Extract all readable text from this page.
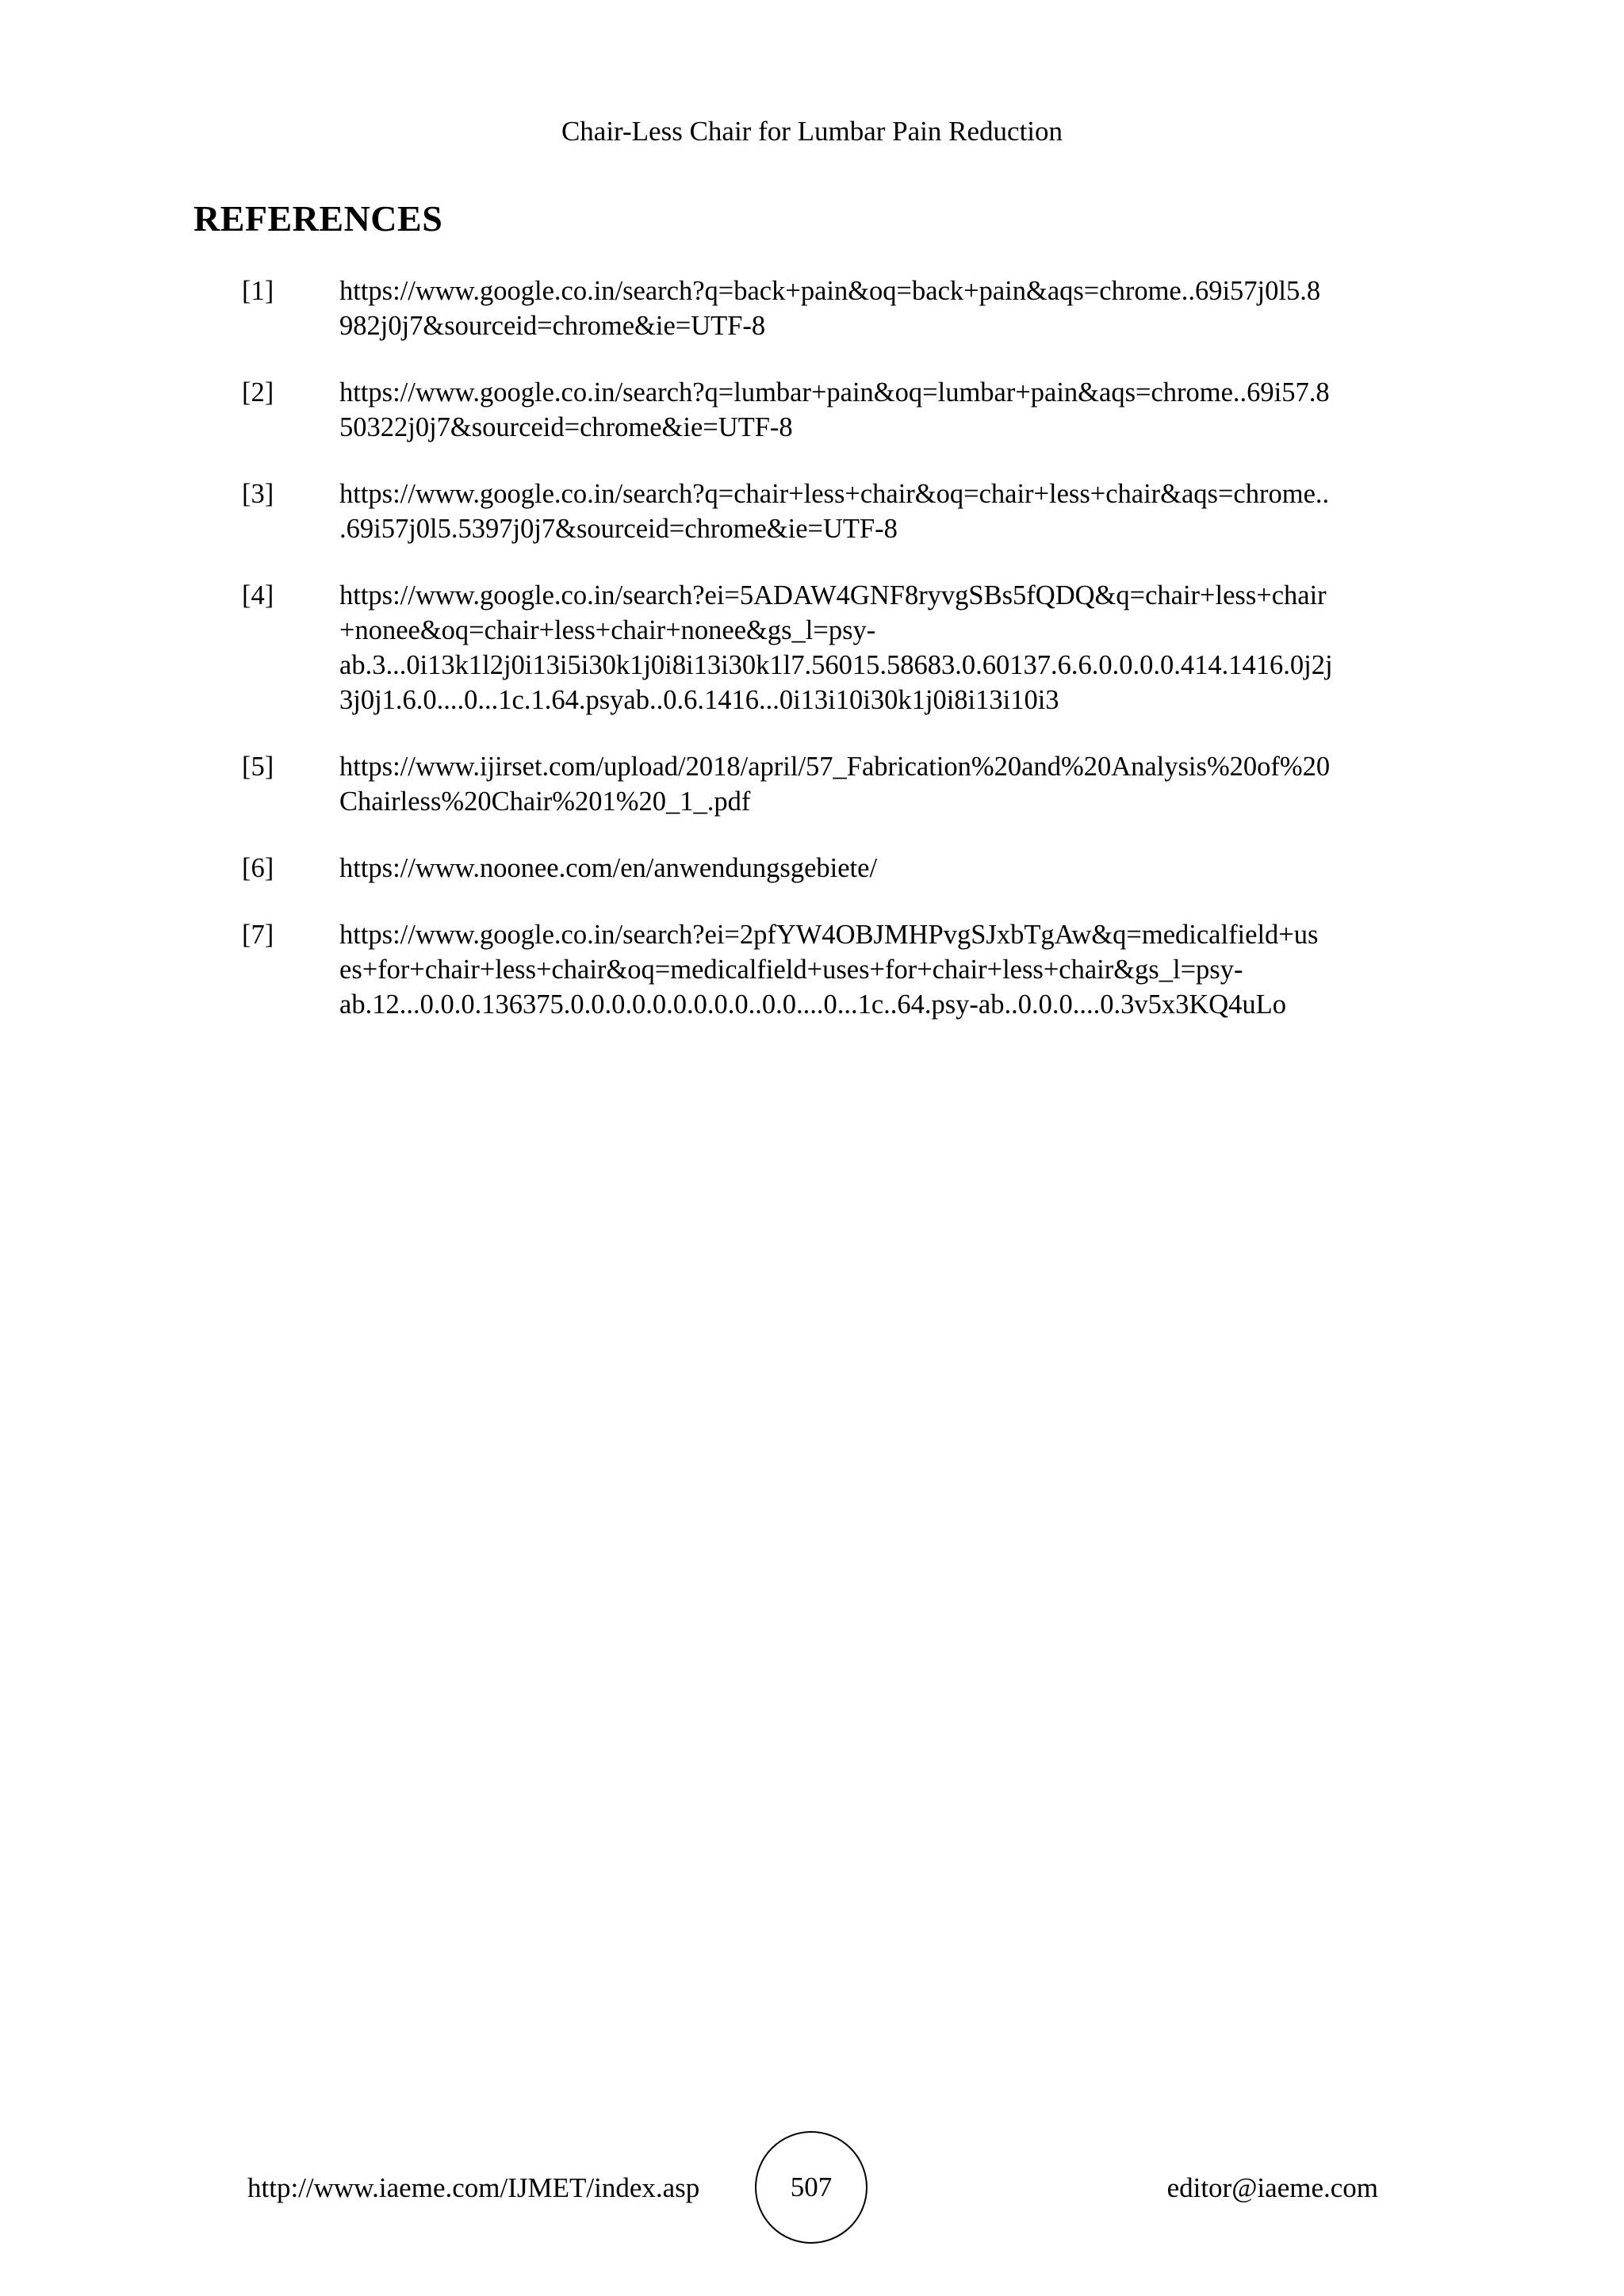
Chair-Less Chair for Lumbar Pain Reduction
REFERENCES
[1] https://www.google.co.in/search?q=back+pain&oq=back+pain&aqs=chrome..69i57j0l5.8
982j0j7&sourceid=chrome&ie=UTF-8
[2] https://www.google.co.in/search?q=lumbar+pain&oq=lumbar+pain&aqs=chrome..69i57.8
50322j0j7&sourceid=chrome&ie=UTF-8
[3] https://www.google.co.in/search?q=chair+less+chair&oq=chair+less+chair&aqs=chrome..
.69i57j0l5.5397j0j7&sourceid=chrome&ie=UTF-8
[4] https://www.google.co.in/search?ei=5ADAW4GNF8ryvgSBs5fQDQ&q=chair+less+chair
+nonee&oq=chair+less+chair+nonee&gs_l=psy-
ab.3...0i13k1l2j0i13i5i30k1j0i8i13i30k1l7.56015.58683.0.60137.6.6.0.0.0.0.414.1416.0j2j
3j0j1.6.0....0...1c.1.64.psyab..0.6.1416...0i13i10i30k1j0i8i13i10i3
[5] https://www.ijirset.com/upload/2018/april/57_Fabrication%20and%20Analysis%20of%20
Chairless%20Chair%201%20_1_.pdf
[6] https://www.noonee.com/en/anwendungsgebiete/
[7] https://www.google.co.in/search?ei=2pfYW4OBJMHPvgSJxbTgAw&q=medicalfield+us
es+for+chair+less+chair&oq=medicalfield+uses+for+chair+less+chair&gs_l=psy-
ab.12...0.0.0.136375.0.0.0.0.0.0.0.0.0..0.0....0...1c..64.psy-ab..0.0.0....0.3v5x3KQ4uLo
http://www.iaeme.com/IJMET/index.asp	507	editor@iaeme.com
